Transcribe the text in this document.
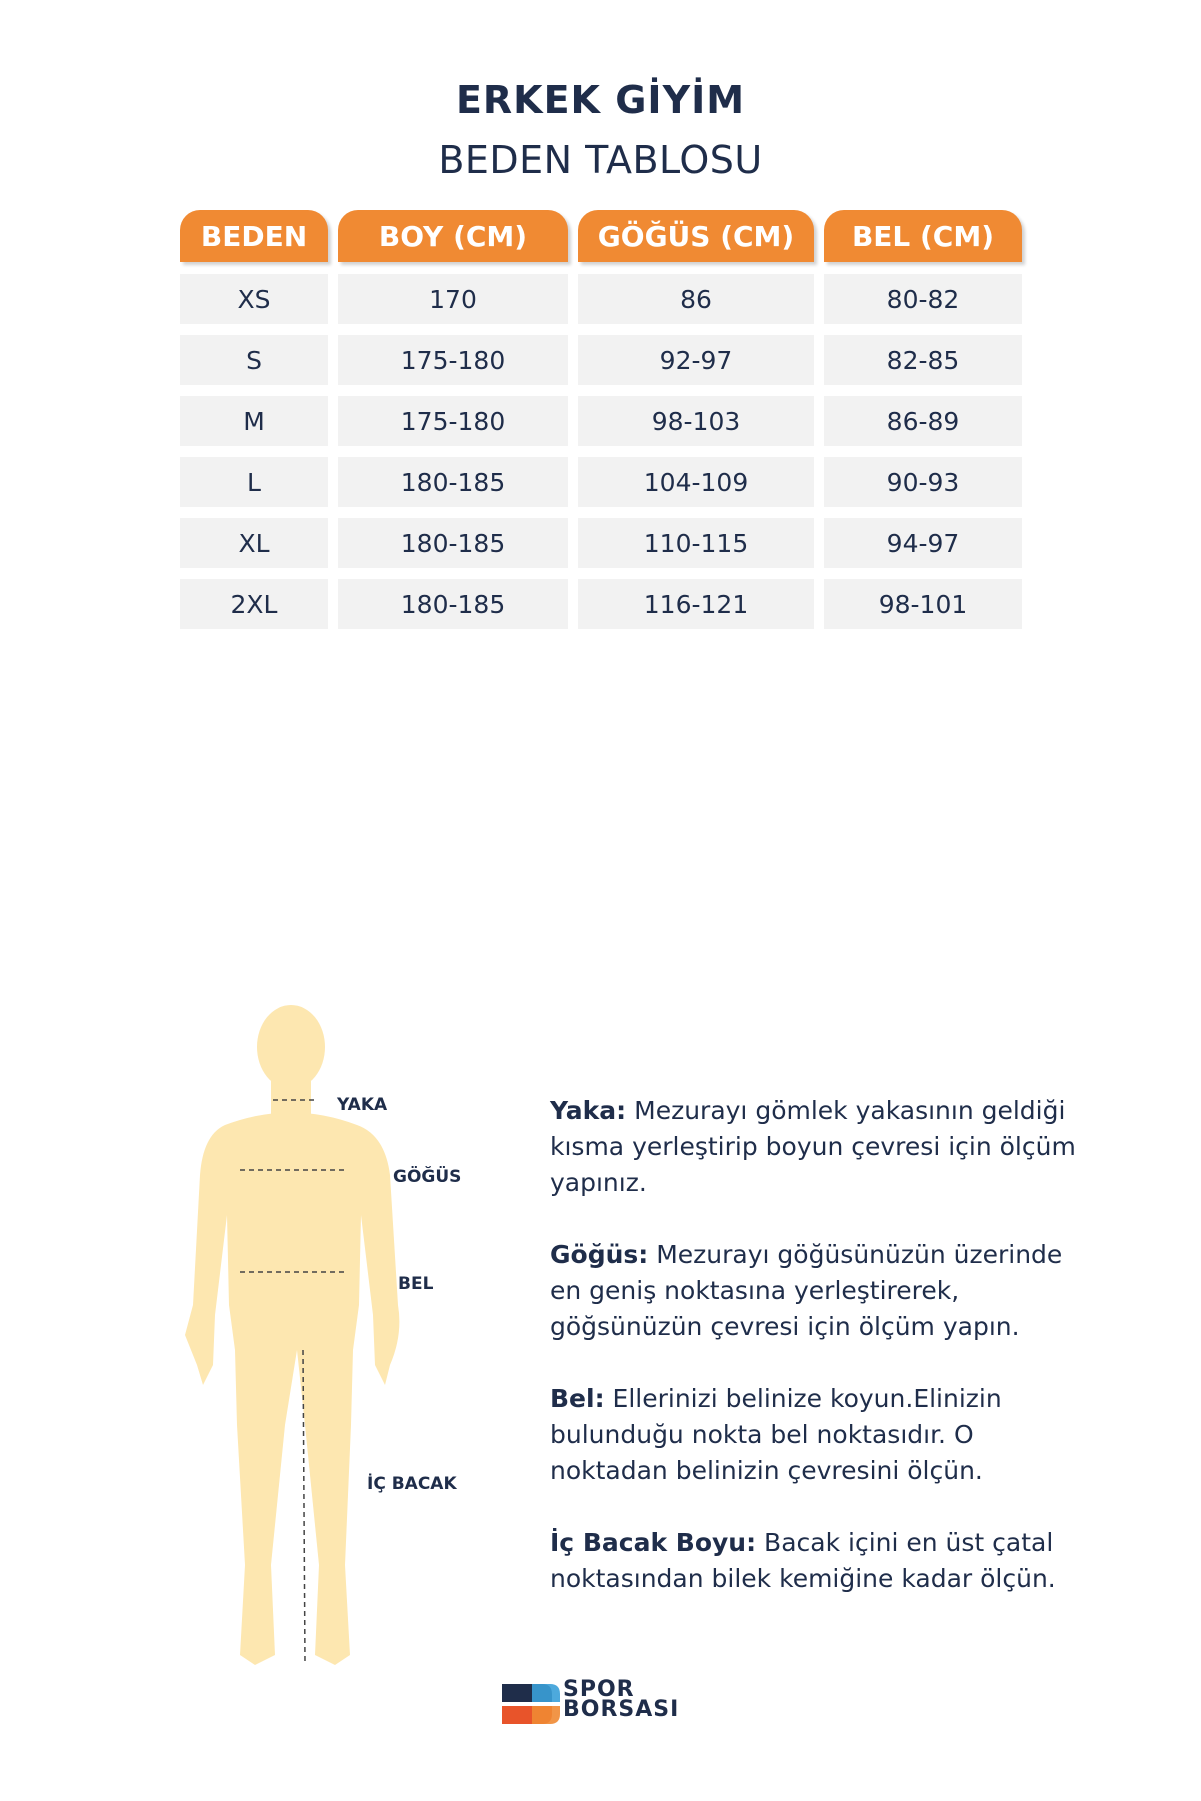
ERKEK GİYİM
BEDEN TABLOSU
BEDEN	BOY (CM)	GÖĞÜS (CM)	BEL (CM)
XS	170	86	80-82
S	175-180	92-97	82-85
M	175-180	98-103	86-89
L	180-185	104-109	90-93
XL	180-185	110-115	94-97
2XL	180-185	116-121	98-101
YAKA
GÖĞÜS
BEL
İÇ BACAK

Yaka: Mezurayı gömlek yakasının geldiği kısma yerleştirip boyun çevresi için ölçüm yapınız.

Göğüs: Mezurayı göğüsünüzün üzerinde en geniş noktasına yerleştirerek, göğsünüzün çevresi için ölçüm yapın.

Bel: Ellerinizi belinize koyun.Elinizin bulunduğu nokta bel noktasıdır. O noktadan belinizin çevresini ölçün.

İç Bacak Boyu: Bacak içini en üst çatal noktasından bilek kemiğine kadar ölçün.

SPOR
BORSASI
